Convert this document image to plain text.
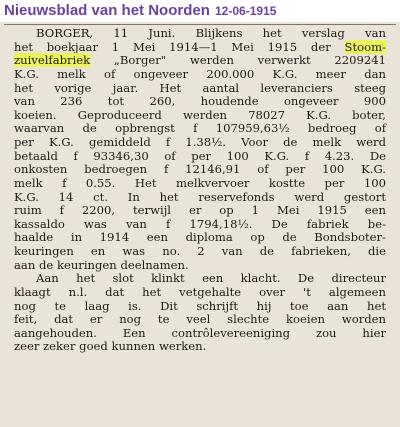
Nieuwsblad van het Noorden 12-06-1915
BORGER, 11 Juni. Blijkens het verslag van
het boekjaar 1 Mei 1914—1 Mei 1915 der Stoom-
zuivelfabriek „Borger" werden verwerkt 2209241
K.G. melk of ongeveer 200.000 K.G. meer dan
het vorige jaar. Het aantal leveranciers steeg
van 236 tot 260, houdende ongeveer 900
koeien. Geproduceerd werden 78027 K.G. boter,
waarvan de opbrengst f 107959,63½ bedroeg of
per K.G. gemiddeld f 1.38½. Voor de melk werd
betaald f 93346,30 of per 100 K.G. f 4.23. De
onkosten bedroegen f 12146,91 of per 100 K.G.
melk f 0.55. Het melkvervoer kostte per 100
K.G. 14 ct. In het reservefonds werd gestort
ruim f 2200, terwijl er op 1 Mei 1915 een
kassaldo was van f 1794,18½. De fabriek be-
haalde in 1914 een diploma op de Bondsboter-
keuringen en was no. 2 van de fabrieken, die
aan de keuringen deelnamen.
Aan het slot klinkt een klacht. De directeur
klaagt n.l. dat het vetgehalte over 't algemeen
nog te laag is. Dit schrijft hij toe aan het
feit, dat er nog te veel slechte koeien worden
aangehouden. Een contrôlevereeniging zou hier
zeer zeker goed kunnen werken.
